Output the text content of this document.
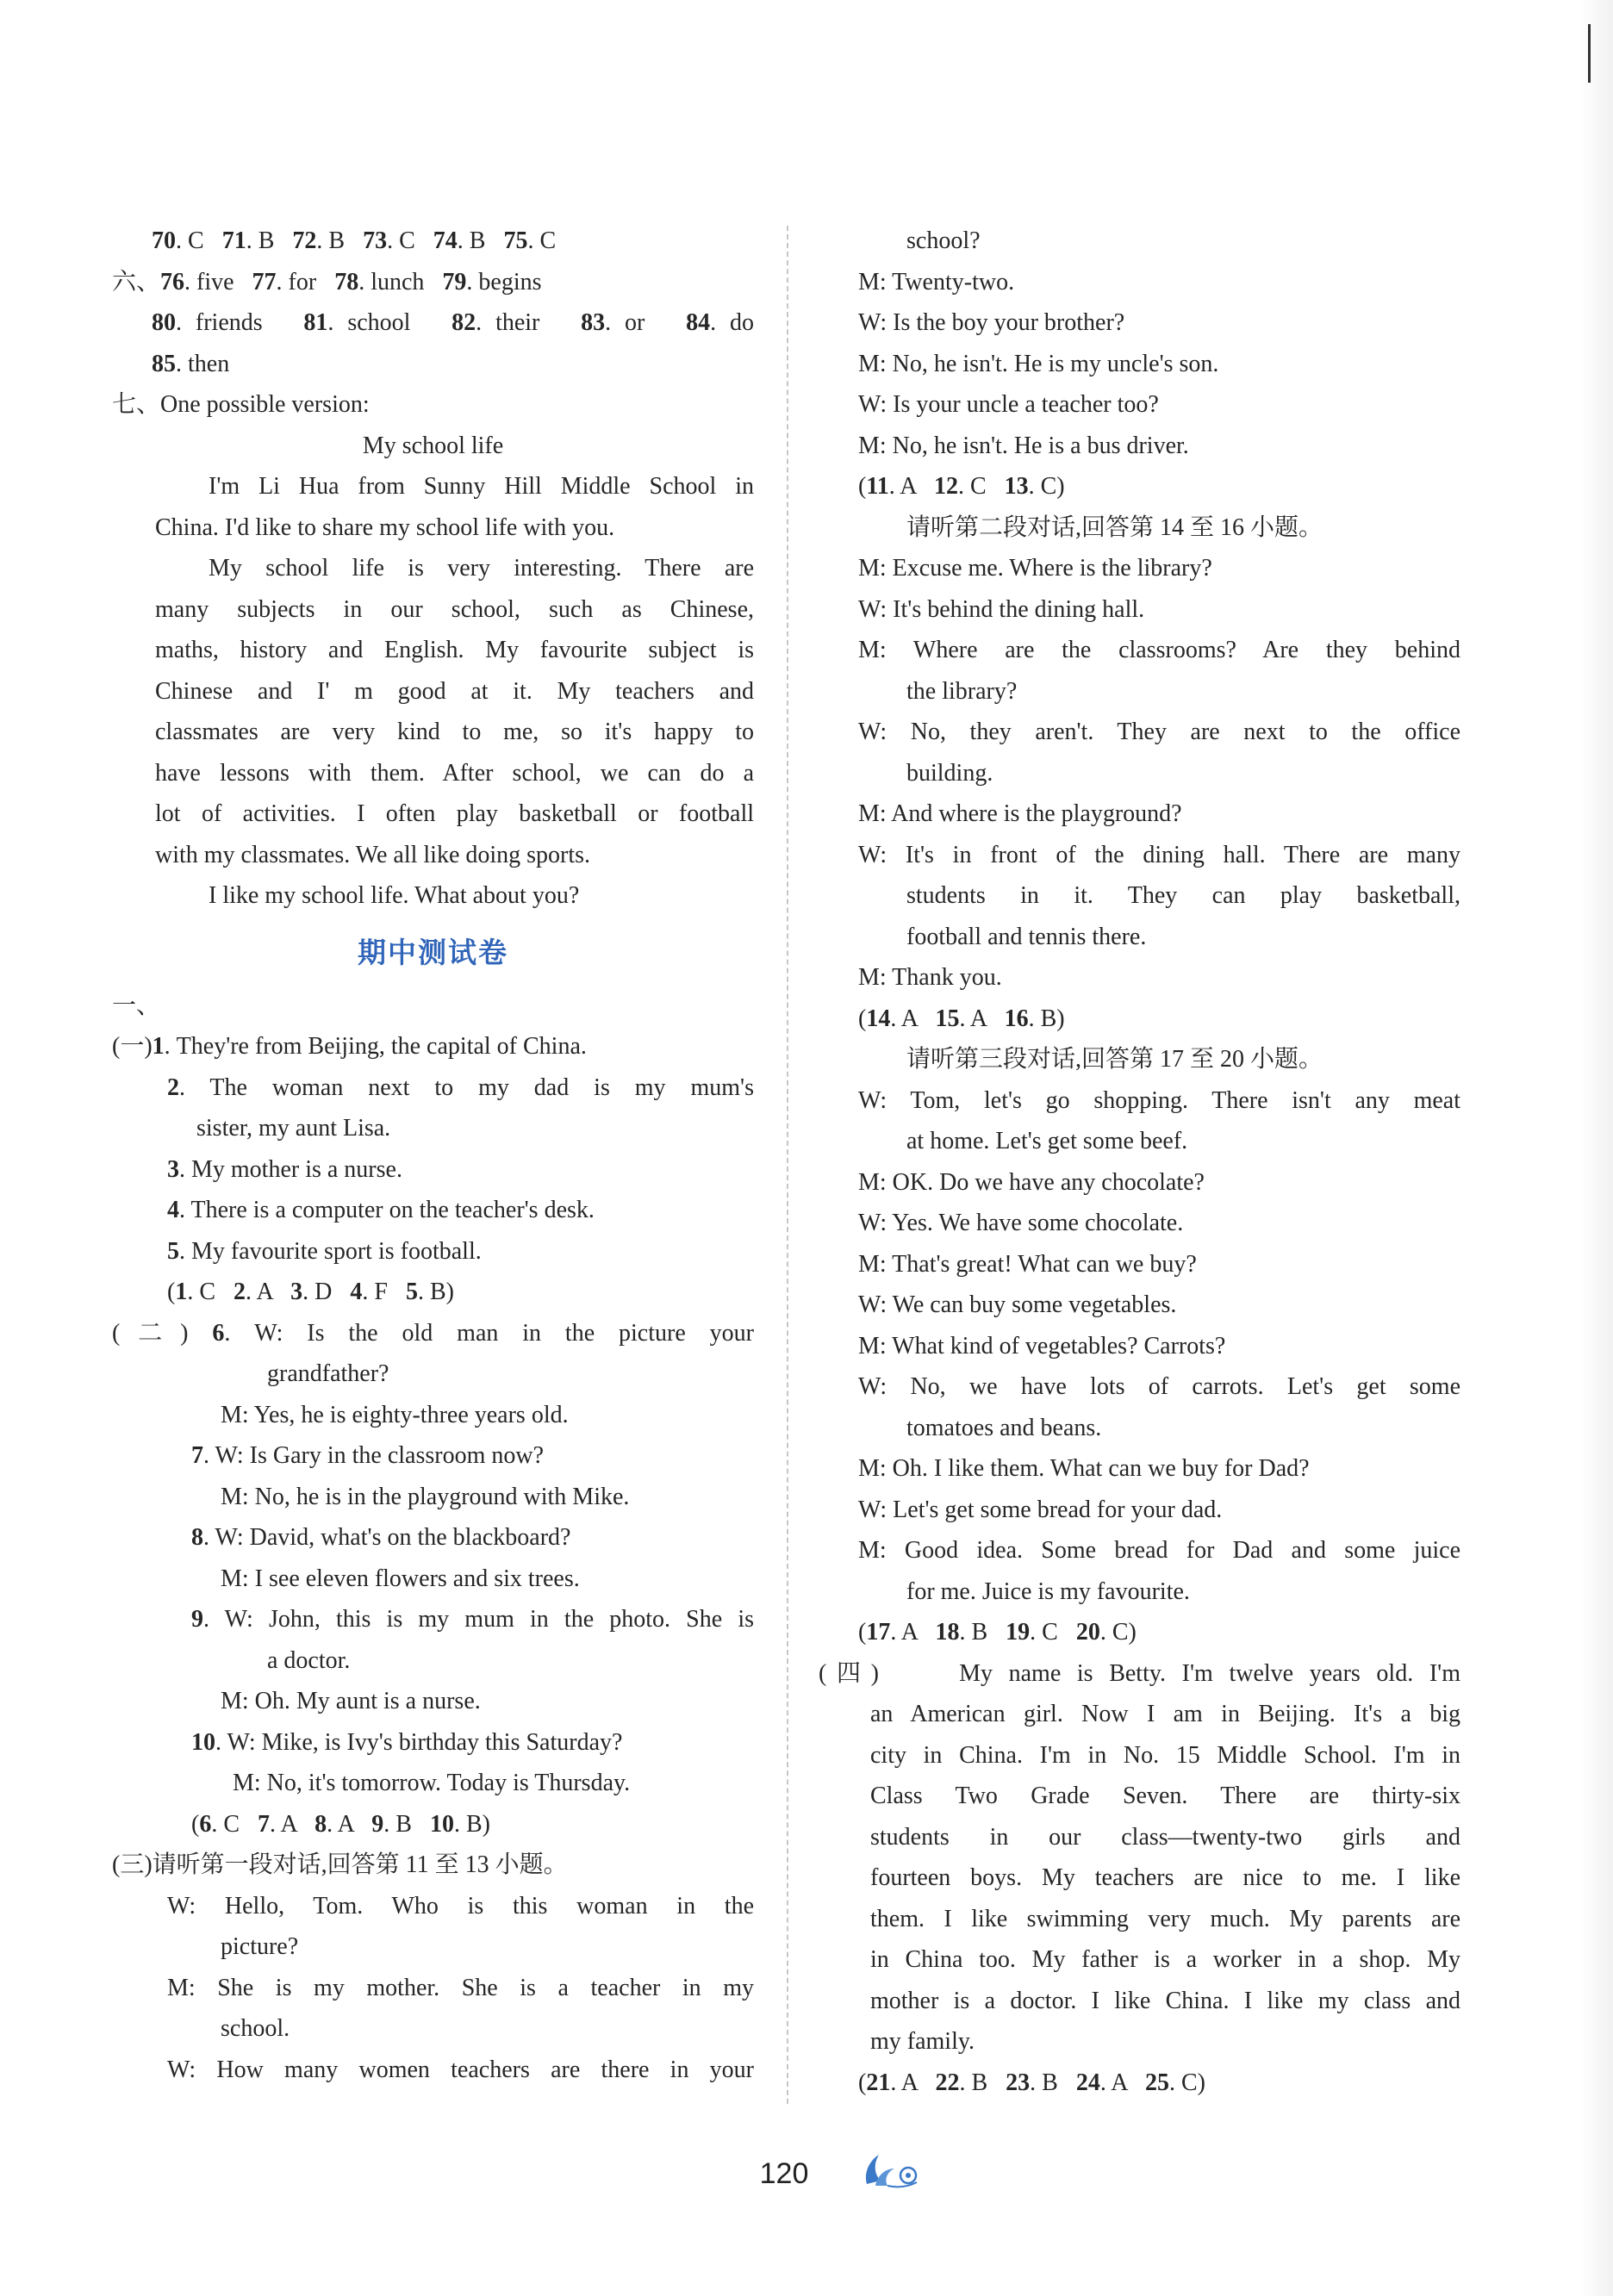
70. C   71. B   72. B   73. C   74. B   75. C
六、76. five   77. for   78. lunch   79. begins
80. friends   81. school   82. their   83. or   84. do
85. then
七、One possible version:
My school life
I'm Li Hua from Sunny Hill Middle School in
China. I'd like to share my school life with you.
My school life is very interesting. There are
many subjects in our school, such as Chinese,
maths, history and English. My favourite subject is
Chinese and I' m good at it. My teachers and
classmates are very kind to me, so it's happy to
have lessons with them. After school, we can do a
lot of activities. I often play basketball or football
with my classmates. We all like doing sports.
I like my school life. What about you?
期中测试卷
一、
(一)1. They're from Beijing, the capital of China.
2. The woman next to my dad is my mum's
sister, my aunt Lisa.
3. My mother is a nurse.
4. There is a computer on the teacher's desk.
5. My favourite sport is football.
(1. C   2. A   3. D   4. F   5. B)
(二) 6. W: Is the old man in the picture your
grandfather?
M: Yes, he is eighty-three years old.
7. W: Is Gary in the classroom now?
M: No, he is in the playground with Mike.
8. W: David, what's on the blackboard?
M: I see eleven flowers and six trees.
9. W: John, this is my mum in the photo. She is
a doctor.
M: Oh. My aunt is a nurse.
10. W: Mike, is Ivy's birthday this Saturday?
M: No, it's tomorrow. Today is Thursday.
(6. C   7. A   8. A   9. B   10. B)
(三)请听第一段对话,回答第 11 至 13 小题。
W: Hello, Tom. Who is this woman in the
picture?
M: She is my mother. She is a teacher in my
school.
W: How many women teachers are there in your
school?
M: Twenty-two.
W: Is the boy your brother?
M: No, he isn't. He is my uncle's son.
W: Is your uncle a teacher too?
M: No, he isn't. He is a bus driver.
(11. A   12. C   13. C)
请听第二段对话,回答第 14 至 16 小题。
M: Excuse me. Where is the library?
W: It's behind the dining hall.
M: Where are the classrooms? Are they behind
the library?
W: No, they aren't. They are next to the office
building.
M: And where is the playground?
W: It's in front of the dining hall. There are many
students in it. They can play basketball,
football and tennis there.
M: Thank you.
(14. A   15. A   16. B)
请听第三段对话,回答第 17 至 20 小题。
W: Tom, let's go shopping. There isn't any meat
at home. Let's get some beef.
M: OK. Do we have any chocolate?
W: Yes. We have some chocolate.
M: That's great! What can we buy?
W: We can buy some vegetables.
M: What kind of vegetables? Carrots?
W: No, we have lots of carrots. Let's get some
tomatoes and beans.
M: Oh. I like them. What can we buy for Dad?
W: Let's get some bread for your dad.
M: Good idea. Some bread for Dad and some juice
for me. Juice is my favourite.
(17. A   18. B   19. C   20. C)
(四)     My name is Betty. I'm twelve years old. I'm
an American girl. Now I am in Beijing. It's a big
city in China. I'm in No. 15 Middle School. I'm in
Class Two Grade Seven. There are thirty-six
students in our class—twenty-two girls and
fourteen boys. My teachers are nice to me. I like
them. I like swimming very much. My parents are
in China too. My father is a worker in a shop. My
mother is a doctor. I like China. I like my class and
my family.
(21. A   22. B   23. B   24. A   25. C)
120
